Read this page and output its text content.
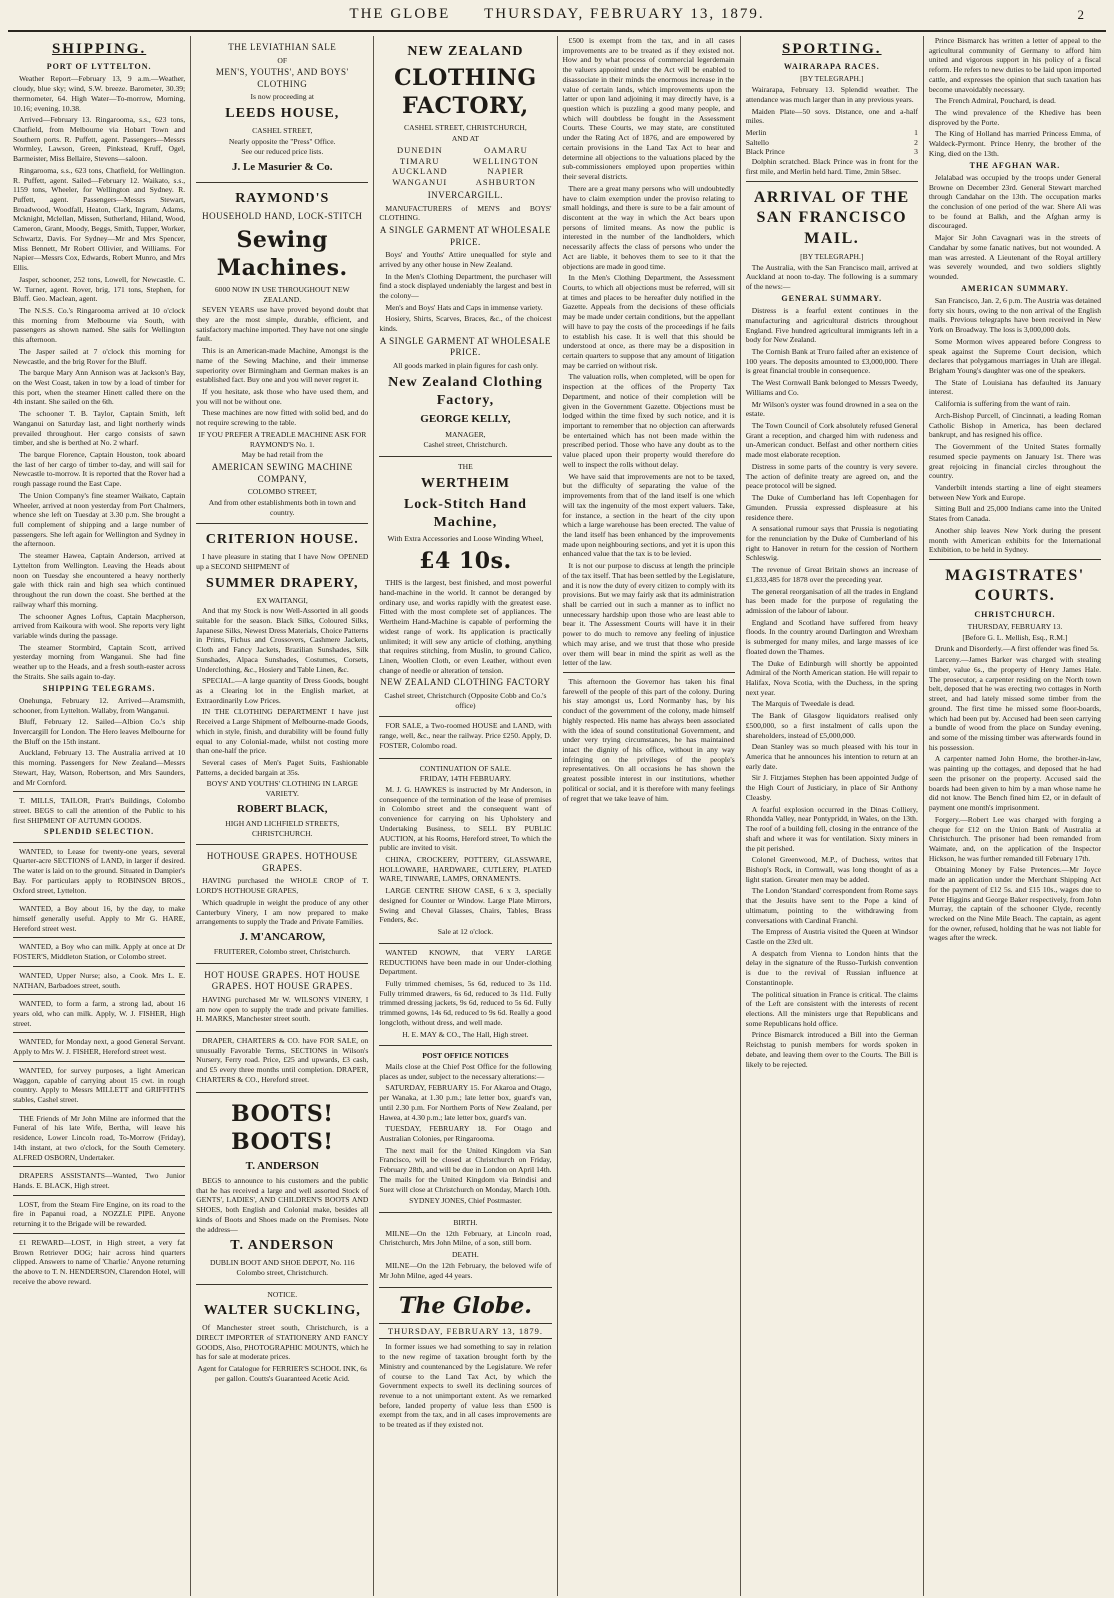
THE GLOBE THURSDAY, FEBRUARY 13, 1879.	2
SHIPPING.
PORT OF LYTTELTON.

Weather Report—February 13, 9 a.m.—Weather, cloudy, blue sky; wind, S.W. breeze. Barometer, 30.39; thermometer, 64. High Water—To-morrow, Morning, 10.16; evening, 10.38.

Arrived—February 13. Ringarooma, s.s., 623 tons, Chatfield, from Melbourne via Hobart Town and Southern ports. R. Puffett, agent. Passengers—Messrs Wormley, Lawson, Green, Pinkstead, Kruff, Ogel, Barmeister, Miss Bellaire, Stevens—saloon.

Ringarooma, s.s., 623 tons, Chatfield, for Wellington. R. Puffett, agent. Sailed—February 12. Waikato, s.s., 1159 tons, Wheeler, for Wellington and Sydney. R. Puffett, agent. Passengers—Messrs Stewart, Broadwood, Woodfall, Heaton, Clark, Ingram, Adams, Mcknight, Mclellan, Missen, Sutherland, Hiland, Wood, Cameron, Grant, Moody, Beggs, Smith, Tupper, Worker, Schwartz, Davis. For Sydney—Mr and Mrs Spencer, Miss Bennett, Mr Robert Ollivier, and Williams. For Napier—Messrs Cox, Edwards, Robert Munro, and Mrs Ellis.

Jasper, schooner, 252 tons, Lowell, for Newcastle. C. W. Turner, agent. Rover, brig, 171 tons, Stephen, for Bluff. Geo. Maclean, agent.

The N.S.S. Co.'s Ringarooma arrived at 10 o'clock this morning from Melbourne via South, with passengers as shown named. She sails for Wellington this afternoon.

The Jasper sailed at 7 o'clock this morning for Newcastle, and the brig Rover for the Bluff.

The barque Mary Ann Annison was at Jackson's Bay, on the West Coast, taken in tow by a load of timber for this port, when the steamer Hinett called there on the 4th instant. She sailed on the 6th.

The schooner T. B. Taylor, Captain Smith, left Wanganui on Saturday last, and light northerly winds prevailed throughout. Her cargo consists of sawn timber, and she is berthed at No. 2 wharf.

The barque Florence, Captain Houston, took aboard the last of her cargo of timber to-day, and will sail for Newcastle to-morrow. It is reported that the Rover had a rough passage round the East Cape.

The Union Company's fine steamer Waikato, Captain Wheeler, arrived at noon yesterday from Port Chalmers, whence she left on Tuesday at 3.30 p.m. She brought a full complement of shipping and a large number of passengers. She left again for Wellington and Sydney in the afternoon.

The steamer Hawea, Captain Anderson, arrived at Lyttelton from Wellington. Leaving the Heads about noon on Tuesday she encountered a heavy northerly gale with thick rain and high sea which continued throughout the run down the coast. She berthed at the railway wharf this morning.

The schooner Agnes Loftus, Captain Macpherson, arrived from Kaikoura with wool. She reports very light variable winds during the passage.

The steamer Stormbird, Captain Scott, arrived yesterday morning from Wanganui. She had fine weather up to the Heads, and a fresh south-easter across the Straits. She sails again to-day.

SHIPPING TELEGRAMS.

Onehunga, February 12. Arrived—Aramsmith, schooner, from Lyttelton. Wallaby, from Wanganui.

Bluff, February 12. Sailed—Albion Co.'s ship Invercargill for London. The Hero leaves Melbourne for the Bluff on the 15th instant.

Auckland, February 13. The Australia arrived at 10 this morning. Passengers for New Zealand—Messrs Stewart, Hay, Watson, Robertson, and Mrs Saunders, and Mr Cornford.

T. MILLS, TAILOR, Pratt's Buildings, Colombo street. BEGS to call the attention of the Public to his first SHIPMENT OF AUTUMN GOODS.

SPLENDID SELECTION.

WANTED, to Lease for twenty-one years, several Quarter-acre SECTIONS of LAND, in larger if desired. The water is laid on to the ground. Situated in Dampier's Bay. For particulars apply to ROBINSON BROS., Oxford street, Lyttelton.

WANTED, a Boy about 16, by the day, to make himself generally useful. Apply to Mr G. HARE, Hereford street west.

WANTED, a Boy who can milk. Apply at once at Dr FOSTER'S, Middleton Station, or Colombo street.

WANTED, Upper Nurse; also, a Cook. Mrs L. E. NATHAN, Barbadoes street, south.

WANTED, to form a farm, a strong lad, about 16 years old, who can milk. Apply, W. J. FISHER, High street.

WANTED, for Monday next, a good General Servant. Apply to Mrs W. J. FISHER, Hereford street west.

WANTED, for survey purposes, a light American Waggon, capable of carrying about 15 cwt. in rough country. Apply to Messrs MILLETT and GRIFFITH'S stables, Cashel street.

THE Friends of Mr John Milne are informed that the Funeral of his late Wife, Bertha, will leave his residence, Lower Lincoln road, To-Morrow (Friday), 14th instant, at two o'clock, for the South Cemetery. ALFRED OSBORN, Undertaker.

DRAPERS ASSISTANTS—Wanted, Two Junior Hands. E. BLACK, High street.

LOST, from the Steam Fire Engine, on its road to the fire in Papanui road, a NOZZLE PIPE. Anyone returning it to the Brigade will be rewarded.

£1 REWARD—LOST, in High street, a very fat Brown Retriever DOG; hair across hind quarters clipped. Answers to name of 'Charlie.' Anyone returning the above to T. N. HENDERSON, Clarendon Hotel, will receive the above reward.

THE LEVIATHIAN SALE
OF
MEN'S, YOUTHS', AND BOYS' CLOTHING
Is now proceeding at
LEEDS HOUSE,
CASHEL STREET,
Nearly opposite the "Press" Office.
See our reduced price lists.
J. Le Masurier & Co.
RAYMOND'S
HOUSEHOLD HAND, LOCK-STITCH
Sewing Machines.
6000 NOW IN USE THROUGHOUT NEW ZEALAND.

SEVEN YEARS use have proved beyond doubt that they are the most simple, durable, efficient, and satisfactory machine imported. They have not one single fault.

This is an American-made Machine, Amongst is the name of the Sewing Machine, and their immense superiority over Birmingham and German makes is an established fact. Buy one and you will never regret it.

If you hesitate, ask those who have used them, and you will not be without one.

These machines are now fitted with solid bed, and do not require screwing to the table.

IF YOU PREFER A TREADLE MACHINE ASK FOR RAYMOND'S No. 1.
May be had retail from the
AMERICAN SEWING MACHINE COMPANY,
COLOMBO STREET,
And from other establishments both in town and country.
CRITERION HOUSE.

I have pleasure in stating that I have Now OPENED up a SECOND SHIPMENT of

SUMMER DRAPERY,
EX WAITANGI,

And that my Stock is now Well-Assorted in all goods suitable for the season. Black Silks, Coloured Silks, Japanese Silks, Newest Dress Materials, Choice Patterns in Prints, Fichus and Crossovers, Cashmere Jackets, Cloth and Fancy Jackets, Brazilian Sunshades, Silk Sunshades, Alpaca Sunshades, Costumes, Corsets, Underclothing, &c., Hosiery and Table Linen, &c.

SPECIAL.—A large quantity of Dress Goods, bought as a Clearing lot in the English market, at Extraordinarily Low Prices.

IN THE CLOTHING DEPARTMENT I have just Received a Large Shipment of Melbourne-made Goods, which in style, finish, and durability will be found fully equal to any Colonial-made, whilst not costing more than one-half the price.

Several cases of Men's Paget Suits, Fashionable Patterns, a decided bargain at 35s.

BOYS' AND YOUTHS' CLOTHING IN LARGE VARIETY.
ROBERT BLACK,
HIGH AND LICHFIELD STREETS, CHRISTCHURCH.
HOTHOUSE GRAPES. HOTHOUSE GRAPES.

HAVING purchased the WHOLE CROP of T. LORD'S HOTHOUSE GRAPES,

Which quadruple in weight the produce of any other Canterbury Vinery, I am now prepared to make arrangements to supply the Trade and Private Families.

J. M'ANCAROW,
FRUITERER, Colombo street, Christchurch.
HOT HOUSE GRAPES. HOT HOUSE GRAPES. HOT HOUSE GRAPES.

HAVING purchased Mr W. WILSON'S VINERY, I am now open to supply the trade and private families. H. MARKS, Manchester street south.

DRAPER, CHARTERS & CO. have FOR SALE, on unusually Favorable Terms, SECTIONS in Wilson's Nursery, Ferry road. Price, £25 and upwards, £3 cash, and £5 every three months until completion. DRAPER, CHARTERS & CO., Hereford street.

BOOTS! BOOTS!
T. ANDERSON

BEGS to announce to his customers and the public that he has received a large and well assorted Stock of GENTS', LADIES', AND CHILDREN'S BOOTS AND SHOES, both English and Colonial make, besides all kinds of Boots and Shoes made on the Premises. Note the address—

T. ANDERSON
DUBLIN BOOT AND SHOE DEPOT, No. 116 Colombo street, Christchurch.
NOTICE.
WALTER SUCKLING,

Of Manchester street south, Christchurch, is a DIRECT IMPORTER of STATIONERY AND FANCY GOODS, Also, PHOTOGRAPHIC MOUNTS, which he has for sale at moderate prices.

Agent for Catalogue for FERRIER'S SCHOOL INK, 6s per gallon. Coutts's Guaranteed Acetic Acid.
NEW ZEALAND
CLOTHING FACTORY,
CASHEL STREET, CHRISTCHURCH,
AND AT
DUNEDIN
TIMARU
AUCKLAND
WANGANUI
OAMARU
WELLINGTON
NAPIER
ASHBURTON
INVERCARGILL.

MANUFACTURERS of MEN'S and BOYS' CLOTHING.

A SINGLE GARMENT AT WHOLESALE PRICE.

Boys' and Youths' Attire unequalled for style and arrived by any other house in New Zealand.

In the Men's Clothing Department, the purchaser will find a stock displayed undeniably the largest and best in the colony—

Men's and Boys' Hats and Caps in immense variety.

Hosiery, Shirts, Scarves, Braces, &c., of the choicest kinds.

A SINGLE GARMENT AT WHOLESALE PRICE.
All goods marked in plain figures for cash only.
New Zealand Clothing Factory,
GEORGE KELLY,
MANAGER,
Cashel street, Christchurch.
THE
WERTHEIM
Lock-Stitch Hand Machine,
With Extra Accessories and Loose Winding Wheel,
£4 10s.

THIS is the largest, best finished, and most powerful hand-machine in the world. It cannot be deranged by ordinary use, and works rapidly with the greatest ease. Fitted with the most complete set of appliances. The Wertheim Hand-Machine is capable of performing the widest range of work. Its application is practically unlimited; it will sew any article of clothing, anything that requires stitching, from Muslin, to ground Calico, Linen, Woollen Cloth, or even Leather, without even change of needle or alteration of tension.

NEW ZEALAND CLOTHING FACTORY
Cashel street, Christchurch (Opposite Cobb and Co.'s office)

FOR SALE, a Two-roomed HOUSE and LAND, with range, well, &c., near the railway. Price £250. Apply, D. FOSTER, Colombo road.

CONTINUATION OF SALE.
FRIDAY, 14TH FEBRUARY.

M. J. G. HAWKES is instructed by Mr Anderson, in consequence of the termination of the lease of premises in Colombo street and the consequent want of convenience for carrying on his Upholstery and Undertaking Business, to SELL BY PUBLIC AUCTION, at his Rooms, Hereford street, To which the public are invited to visit.

CHINA, CROCKERY, POTTERY, GLASSWARE, HOLLOWARE, HARDWARE, CUTLERY, PLATED WARE, TINWARE, LAMPS, ORNAMENTS.

LARGE CENTRE SHOW CASE, 6 x 3, specially designed for Counter or Window. Large Plate Mirrors, Swing and Cheval Glasses, Chairs, Tables, Brass Fenders, &c.

Sale at 12 o'clock.

WANTED KNOWN, that VERY LARGE REDUCTIONS have been made in our Under-clothing Department.

Fully trimmed chemises, 5s 6d, reduced to 3s 11d. Fully trimmed drawers, 6s 6d, reduced to 3s 11d. Fully trimmed dressing jackets, 9s 6d, reduced to 5s 6d. Fully trimmed gowns, 14s 6d, reduced to 9s 6d. Really a good longcloth, without dress, and well made.

H. E. MAY & CO., The Hall, High street.
POST OFFICE NOTICES

Mails close at the Chief Post Office for the following places as under, subject to the necessary alterations:—

SATURDAY, FEBRUARY 15. For Akaroa and Otago, per Wanaka, at 1.30 p.m.; late letter box, guard's van, until 2.30 p.m. For Northern Ports of New Zealand, per Hawea, at 4.30 p.m.; late letter box, guard's van.

TUESDAY, FEBRUARY 18. For Otago and Australian Colonies, per Ringarooma.

The next mail for the United Kingdom via San Francisco, will be closed at Christchurch on Friday, February 28th, and will be due in London on April 14th. The mails for the United Kingdom via Brindisi and Suez will close at Christchurch on Monday, March 10th.

SYDNEY JONES, Chief Postmaster.
BIRTH.

MILNE—On the 12th February, at Lincoln road, Christchurch, Mrs John Milne, of a son, still born.

DEATH.

MILNE—On the 12th February, the beloved wife of Mr John Milne, aged 44 years.

The Globe.
THURSDAY, FEBRUARY 13, 1879.

In former issues we had something to say in relation to the new regime of taxation brought forth by the Ministry and countenanced by the Legislature. We refer of course to the Land Tax Act, by which the Government expects to swell its declining sources of revenue to a not unimportant extent. As we remarked before, landed property of value less than £500 is exempt from the tax, and in all cases improvements are to be treated as if they existed not.

£500 is exempt from the tax, and in all cases improvements are to be treated as if they existed not. How and by what process of commercial legerdemain the valuers appointed under the Act will be enabled to disassociate in their minds the enormous increase in the value of certain lands, which improvements upon the latter or upon land adjoining it may directly have, is a question which is puzzling a good many people, and which will doubtless be fought in the Assessment Courts. These Courts, we may state, are constituted under the Rating Act of 1876, and are empowered by certain provisions in the Land Tax Act to hear and determine all objections to the valuations placed by the sub-commissioners employed upon properties within their several districts.

There are a great many persons who will undoubtedly have to claim exemption under the proviso relating to small holdings, and there is sure to be a fair amount of discontent at the way in which the Act bears upon persons of limited means. As now the public is interested in the number of the landholders, which necessarily affects the class of persons who under the Act are liable, it behoves them to see to it that the objections are made in good time.

In the Men's Clothing Department, the Assessment Courts, to which all objections must be referred, will sit at times and places to be hereafter duly notified in the Gazette. Appeals from the decisions of these officials may be made under certain conditions, but the appellant will have to pay the costs of the proceedings if he fails to establish his case. It is well that this should be understood at once, as there may be a disposition in certain quarters to suppose that any amount of litigation may be carried on without risk.

The valuation rolls, when completed, will be open for inspection at the offices of the Property Tax Department, and notice of their completion will be given in the Government Gazette. Objections must be lodged within the time fixed by such notice, and it is important to remember that no objection can afterwards be entertained which has not been made within the prescribed period. Those who have any doubt as to the value placed upon their property would therefore do well to inspect the rolls without delay.

We have said that improvements are not to be taxed, but the difficulty of separating the value of the improvements from that of the land itself is one which will tax the ingenuity of the most expert valuers. Take, for instance, a section in the heart of the city upon which a large warehouse has been erected. The value of the land itself has been enhanced by the improvements made upon neighbouring sections, and yet it is upon this enhanced value that the tax is to be levied.

It is not our purpose to discuss at length the principle of the tax itself. That has been settled by the Legislature, and it is now the duty of every citizen to comply with its provisions. But we may fairly ask that its administration shall be carried out in such a manner as to inflict no unnecessary hardship upon those who are least able to bear it. The Assessment Courts will have it in their power to do much to remove any feeling of injustice which may arise, and we trust that those who preside over them will bear in mind the spirit as well as the letter of the law.

This afternoon the Governor has taken his final farewell of the people of this part of the colony. During his stay amongst us, Lord Normanby has, by his conduct of the government of the colony, made himself highly respected. His name has always been associated with the idea of sound constitutional Government, and under very trying circumstances, he has maintained intact the dignity of his office, without in any way infringing on the privileges of the people's representatives. On all occasions he has shown the greatest possible interest in our institutions, whether political or social, and it is therefore with many feelings of regret that we take leave of him.

SPORTING.
WAIRARAPA RACES.
[BY TELEGRAPH.]

Wairarapa, February 13. Splendid weather. The attendance was much larger than in any previous years.

Maiden Plate—50 sovs. Distance, one and a-half miles.

Merlin	1
Saltello	2
Black Prince	3

Dolphin scratched. Black Prince was in front for the first mile, and Merlin held hard. Time, 2min 58sec.

ARRIVAL OF THE SAN FRANCISCO MAIL.
[BY TELEGRAPH.]

The Australia, with the San Francisco mail, arrived at Auckland at noon to-day. The following is a summary of the news:—

GENERAL SUMMARY.

Distress is a fearful extent continues in the manufacturing and agricultural districts throughout England. Five hundred agricultural immigrants left in a body for New Zealand.

The Cornish Bank at Truro failed after an existence of 100 years. The deposits amounted to £3,000,000. There is great financial trouble in consequence.

The West Cornwall Bank belonged to Messrs Tweedy, Williams and Co.

Mr Wilson's oyster was found drowned in a sea on the estate.

The Town Council of Cork absolutely refused General Grant a reception, and charged him with rudeness and un-American conduct. Belfast and other northern cities made most elaborate reception.

Distress in some parts of the country is very severe. The action of definite treaty are agreed on, and the peace protocol will be signed.

The Duke of Cumberland has left Copenhagen for Gmunden. Prussia expressed displeasure at his residence there.

A sensational rumour says that Prussia is negotiating for the renunciation by the Duke of Cumberland of his right to Hanover in return for the cession of Northern Schleswig.

The revenue of Great Britain shows an increase of £1,833,485 for 1878 over the preceding year.

The general reorganisation of all the trades in England has been made for the purpose of regulating the admission of the labour of labour.

England and Scotland have suffered from heavy floods. In the country around Darlington and Wrexham is submerged for many miles, and large masses of ice floated down the Thames.

The Duke of Edinburgh will shortly be appointed Admiral of the North American station. He will repair to Halifax, Nova Scotia, with the Duchess, in the spring next year.

The Marquis of Tweedale is dead.

The Bank of Glasgow liquidators realised only £500,000, so a first instalment of calls upon the shareholders, instead of £5,000,000.

Dean Stanley was so much pleased with his tour in America that he announces his intention to return at an early date.

Sir J. Fitzjames Stephen has been appointed Judge of the High Court of Justiciary, in place of Sir Anthony Cleasby.

A fearful explosion occurred in the Dinas Colliery, Rhondda Valley, near Pontypridd, in Wales, on the 13th. The roof of a building fell, closing in the entrance of the shaft and where it was for ventilation. Sixty miners in the pit perished.

Colonel Greenwood, M.P., of Duchess, writes that Bishop's Rock, in Cornwall, was long thought of as a light station. Greater men may be added.

The London 'Standard' correspondent from Rome says that the Jesuits have sent to the Pope a kind of ultimatum, pointing to the withdrawing from conversations with Cardinal Franchi.

The Empress of Austria visited the Queen at Windsor Castle on the 23rd ult.

A despatch from Vienna to London hints that the delay in the signature of the Russo-Turkish convention is due to the revival of Russian influence at Constantinople.

The political situation in France is critical. The claims of the Left are consistent with the interests of recent elections. All the ministers urge that Republicans and some Republicans hold office.

Prince Bismarck introduced a Bill into the German Reichstag to punish members for words spoken in debate, and leaving them over to the Courts. The Bill is likely to be rejected.

Prince Bismarck has written a letter of appeal to the agricultural community of Germany to afford him united and vigorous support in his policy of a fiscal reform. He refers to new duties to be laid upon imported cattle, and expresses the opinion that such taxation has become unavoidably necessary.

The French Admiral, Pouchard, is dead.

The wind prevalence of the Khedive has been disproved by the Porte.

The King of Holland has married Princess Emma, of Waldeck-Pyrmont. Prince Henry, the brother of the King, died on the 13th.

THE AFGHAN WAR.

Jelalabad was occupied by the troops under General Browne on December 23rd. General Stewart marched through Candahar on the 13th. The occupation marks the conclusion of one period of the war. Shere Ali was to be found at Balkh, and the Afghan army is discouraged.

Major Sir John Cavagnari was in the streets of Candahar by some fanatic natives, but not wounded. A man was arrested. A Lieutenant of the Royal artillery was severely wounded, and two soldiers slightly wounded.

AMERICAN SUMMARY.

San Francisco, Jan. 2, 6 p.m. The Austria was detained forty six hours, owing to the non arrival of the English mails. Previous telegraphs have been received in New York on Broadway. The loss is 3,000,000 dols.

Some Mormon wives appeared before Congress to speak against the Supreme Court decision, which declares that polygamous marriages in Utah are illegal. Brigham Young's daughter was one of the speakers.

The State of Louisiana has defaulted its January interest.

California is suffering from the want of rain.

Arch-Bishop Purcell, of Cincinnati, a leading Roman Catholic Bishop in America, has been declared bankrupt, and has resigned his office.

The Government of the United States formally resumed specie payments on January 1st. There was great rejoicing in financial circles throughout the country.

Vanderbilt intends starting a line of eight steamers between New York and Europe.

Sitting Bull and 25,000 Indians came into the United States from Canada.

Another ship leaves New York during the present month with American exhibits for the International Exhibition, to be held in Sydney.

MAGISTRATES' COURTS.
CHRISTCHURCH.
THURSDAY, FEBRUARY 13.
[Before G. L. Mellish, Esq., R.M.]

Drunk and Disorderly.—A first offender was fined 5s.

Larceny.—James Barker was charged with stealing timber, value 6s., the property of Henry James Hale. The prosecutor, a carpenter residing on the North town belt, deposed that he was erecting two cottages in North street, and had lately missed some timber from the ground. The first time he missed some floor-boards, which had been put by. Accused had been seen carrying a bundle of wood from the place on Sunday evening, and some of the missing timber was afterwards found in his possession.

A carpenter named John Horne, the brother-in-law, was painting up the cottages, and deposed that he had seen the prisoner on the property. Accused said the boards had been given to him by a man whose name he did not know. The Bench fined him £2, or in default of payment one month's imprisonment.

Forgery.—Robert Lee was charged with forging a cheque for £12 on the Union Bank of Australia at Christchurch. The prisoner had been remanded from Waimate, and, on the application of the Inspector Hickson, he was further remanded till February 17th.

Obtaining Money by False Pretences.—Mr Joyce made an application under the Merchant Shipping Act for the payment of £12 5s. and £15 10s., wages due to Peter Higgins and George Baker respectively, from John Murray, the captain of the schooner Clyde, recently wrecked on the Nine Mile Beach. The captain, as agent for the owner, refused, holding that he was not liable for wages after the wreck.
